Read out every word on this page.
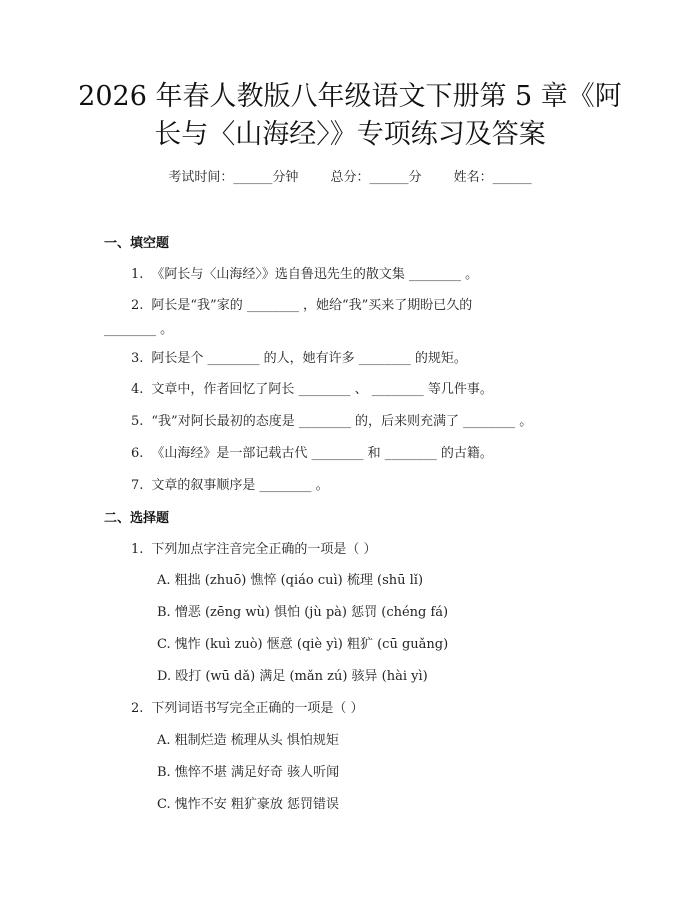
2026 年春人教版八年级语文下册第 5 章《阿
长与〈山海经〉》专项练习及答案
考试时间：______分钟 总分：______分 姓名：______
一、填空题
1. 《阿长与〈山海经〉》选自鲁迅先生的散文集 ________ 。
2. 阿长是“我”家的 ________ ，她给“我”买来了期盼已久的
________ 。
3. 阿长是个 ________ 的人，她有许多 ________ 的规矩。
4. 文章中，作者回忆了阿长 ________ 、 ________ 等几件事。
5. “我”对阿长最初的态度是 ________ 的，后来则充满了 ________ 。
6. 《山海经》是一部记载古代 ________ 和 ________ 的古籍。
7. 文章的叙事顺序是 ________ 。
二、选择题
1. 下列加点字注音完全正确的一项是（ ）
A. 粗拙 (zhuō) 憔悴 (qiáo cuì) 梳理 (shū lǐ)
B. 憎恶 (zēng wù) 惧怕 (jù pà) 惩罚 (chéng fá)
C. 愧怍 (kuì zuò) 惬意 (qiè yì) 粗犷 (cū guǎng)
D. 殴打 (wū dǎ) 满足 (mǎn zú) 骇异 (hài yì)
2. 下列词语书写完全正确的一项是（ ）
A. 粗制烂造 梳理从头 惧怕规矩
B. 憔悴不堪 满足好奇 骇人听闻
C. 愧怍不安 粗犷豪放 惩罚错误
